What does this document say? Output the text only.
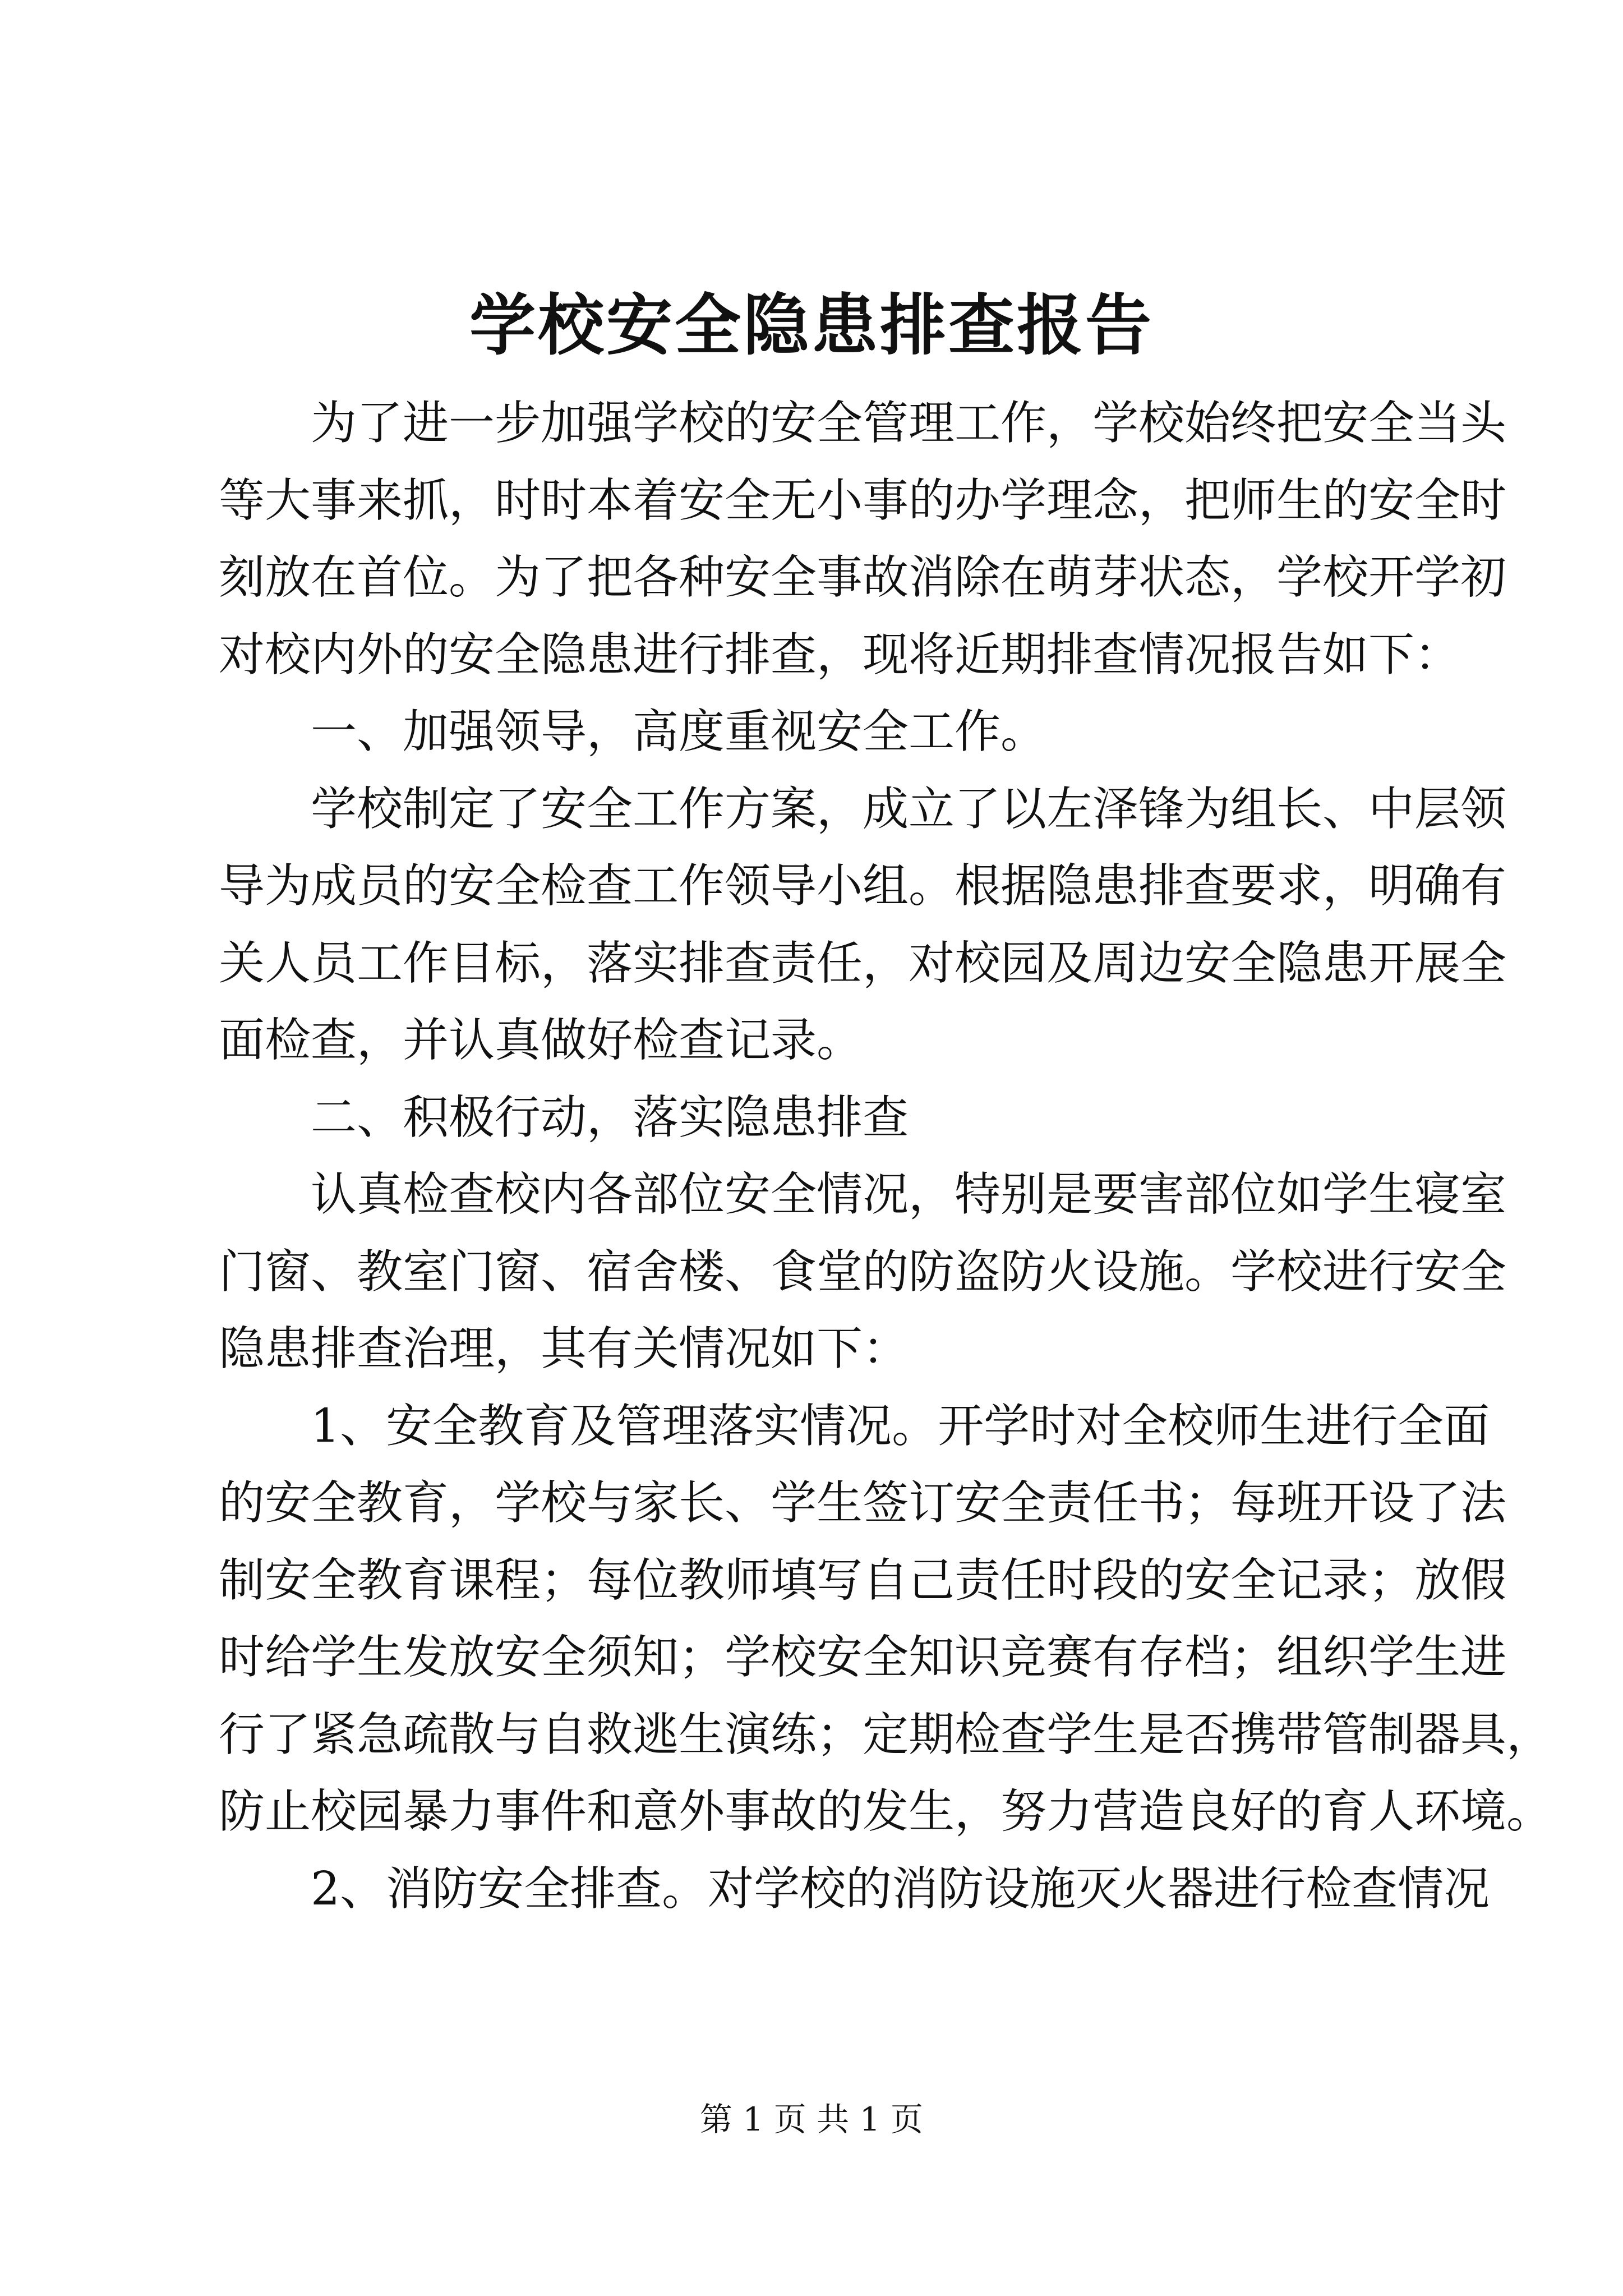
学校安全隐患排查报告
为了进一步加强学校的安全管理工作，学校始终把安全当头
等大事来抓，时时本着安全无小事的办学理念，把师生的安全时
刻放在首位。为了把各种安全事故消除在萌芽状态，学校开学初
对校内外的安全隐患进行排查，现将近期排查情况报告如下：
一、加强领导，高度重视安全工作。
学校制定了安全工作方案，成立了以左泽锋为组长、中层领
导为成员的安全检查工作领导小组。根据隐患排查要求，明确有
关人员工作目标，落实排查责任，对校园及周边安全隐患开展全
面检查，并认真做好检查记录。
二、积极行动，落实隐患排查
认真检查校内各部位安全情况，特别是要害部位如学生寝室
门窗、教室门窗、宿舍楼、食堂的防盗防火设施。学校进行安全
隐患排查治理，其有关情况如下：
1、安全教育及管理落实情况。开学时对全校师生进行全面
的安全教育，学校与家长、学生签订安全责任书；每班开设了法
制安全教育课程；每位教师填写自己责任时段的安全记录；放假
时给学生发放安全须知；学校安全知识竞赛有存档；组织学生进
行了紧急疏散与自救逃生演练；定期检查学生是否携带管制器具，
防止校园暴力事件和意外事故的发生，努力营造良好的育人环境。
2、消防安全排查。对学校的消防设施灭火器进行检查情况
第 1 页 共 1 页
